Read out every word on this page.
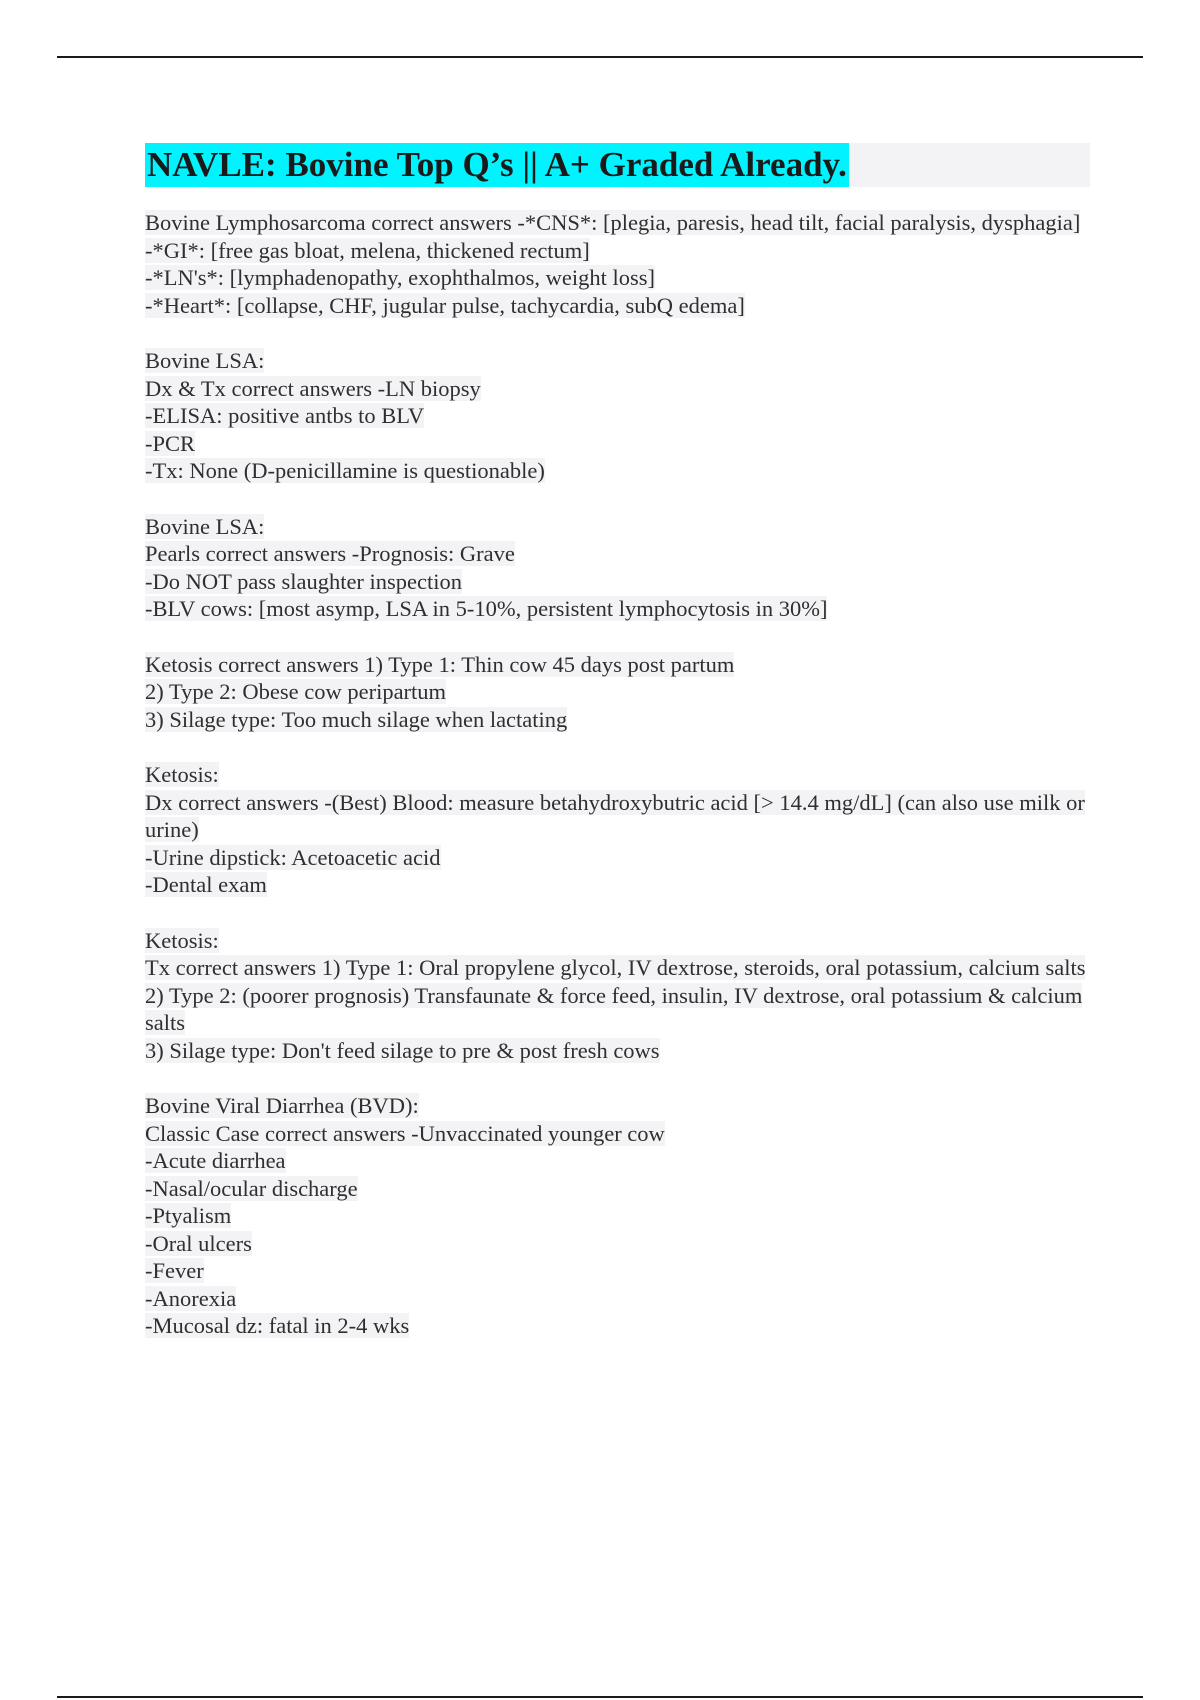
NAVLE: Bovine Top Q’s || A+ Graded Already.
Bovine Lymphosarcoma correct answers -*CNS*: [plegia, paresis, head tilt, facial paralysis, dysphagia]
-*GI*: [free gas bloat, melena, thickened rectum]
-*LN's*: [lymphadenopathy, exophthalmos, weight loss]
-*Heart*: [collapse, CHF, jugular pulse, tachycardia, subQ edema]
Bovine LSA:
Dx & Tx correct answers -LN biopsy
-ELISA: positive antbs to BLV
-PCR
-Tx: None (D-penicillamine is questionable)
Bovine LSA:
Pearls correct answers -Prognosis: Grave
-Do NOT pass slaughter inspection
-BLV cows: [most asymp, LSA in 5-10%, persistent lymphocytosis in 30%]
Ketosis correct answers 1) Type 1: Thin cow 45 days post partum
2) Type 2: Obese cow peripartum
3) Silage type: Too much silage when lactating
Ketosis:
Dx correct answers -(Best) Blood: measure betahydroxybutric acid [> 14.4 mg/dL] (can also use milk or urine)
-Urine dipstick: Acetoacetic acid
-Dental exam
Ketosis:
Tx correct answers 1) Type 1: Oral propylene glycol, IV dextrose, steroids, oral potassium, calcium salts
2) Type 2: (poorer prognosis) Transfaunate & force feed, insulin, IV dextrose, oral potassium & calcium salts
3) Silage type: Don't feed silage to pre & post fresh cows
Bovine Viral Diarrhea (BVD):
Classic Case correct answers -Unvaccinated younger cow
-Acute diarrhea
-Nasal/ocular discharge
-Ptyalism
-Oral ulcers
-Fever
-Anorexia
-Mucosal dz: fatal in 2-4 wks
